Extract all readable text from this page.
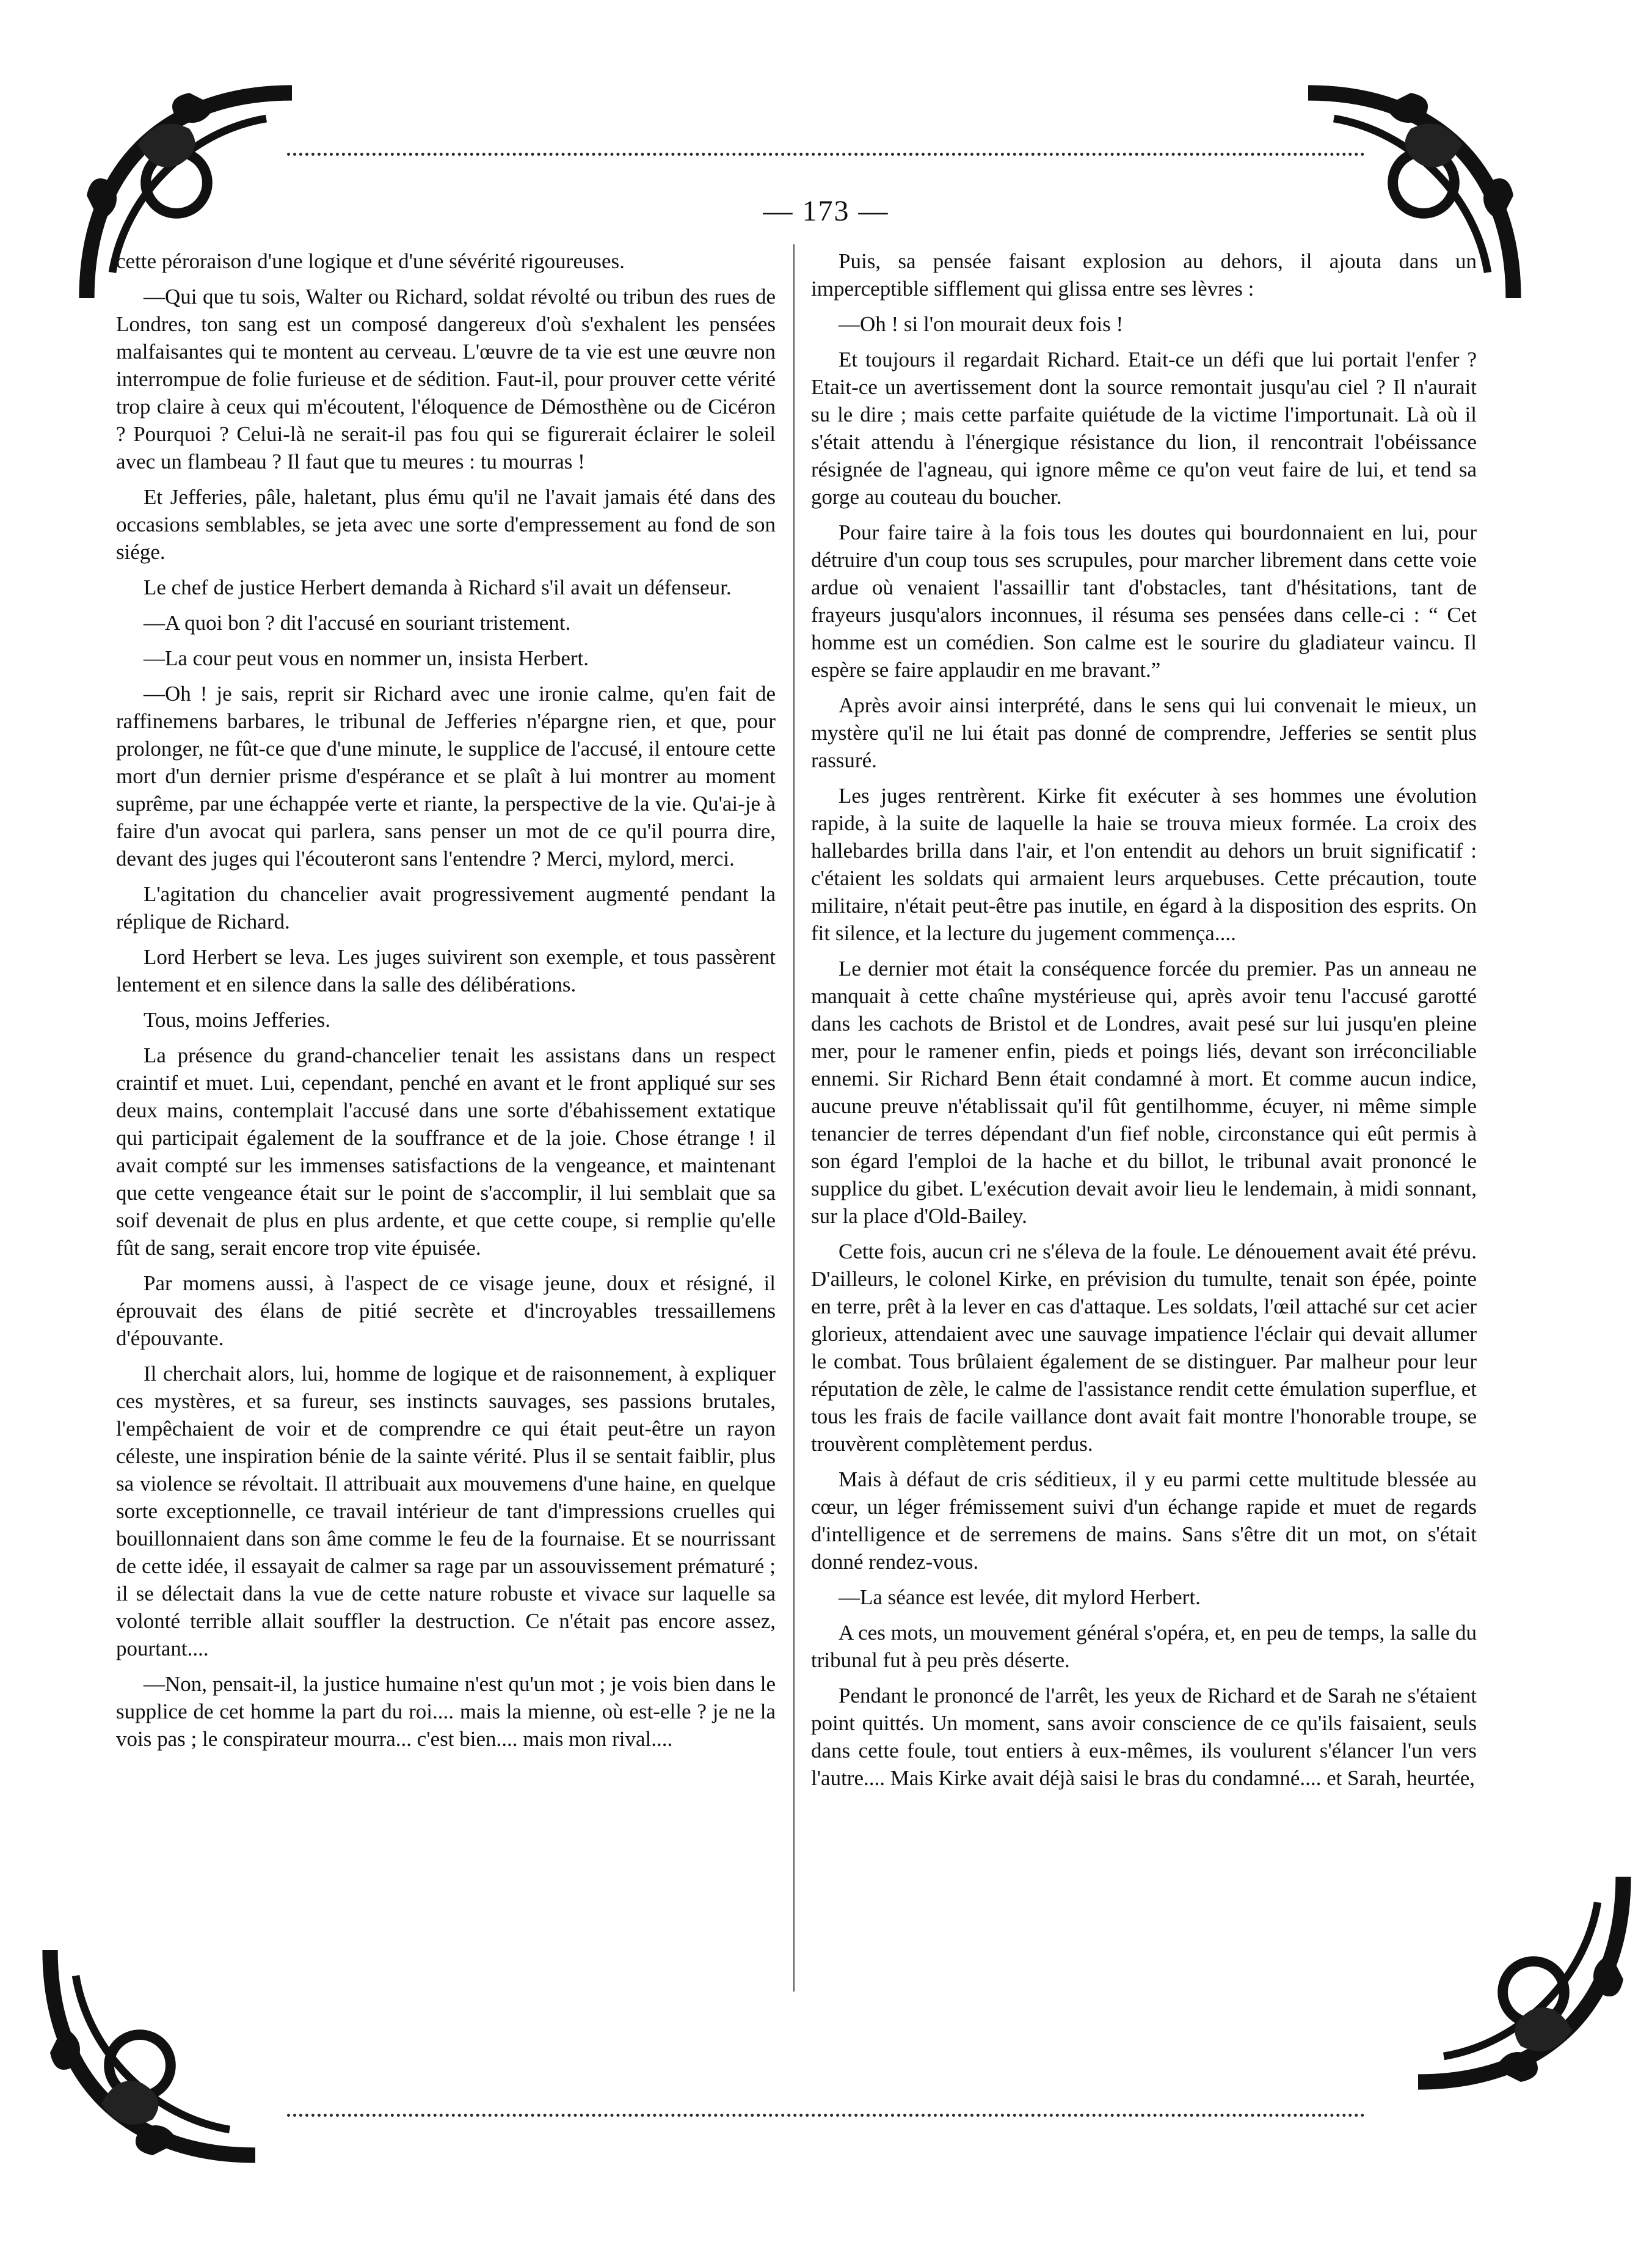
— 173 —

cette péroraison d'une logique et d'une sévérité rigoureuses.

—Qui que tu sois, Walter ou Richard, soldat révolté ou tribun des rues de Londres, ton sang est un composé dangereux d'où s'exhalent les pensées malfaisantes qui te montent au cerveau. L'œuvre de ta vie est une œuvre non interrompue de folie furieuse et de sédition. Faut-il, pour prouver cette vérité trop claire à ceux qui m'écoutent, l'éloquence de Démosthène ou de Cicéron ? Pourquoi ? Celui-là ne serait-il pas fou qui se figurerait éclairer le soleil avec un flambeau ? Il faut que tu meures : tu mourras !

Et Jefferies, pâle, haletant, plus ému qu'il ne l'avait jamais été dans des occasions semblables, se jeta avec une sorte d'empressement au fond de son siége.

Le chef de justice Herbert demanda à Richard s'il avait un défenseur.

—A quoi bon ? dit l'accusé en souriant tristement.

—La cour peut vous en nommer un, insista Herbert.

—Oh ! je sais, reprit sir Richard avec une ironie calme, qu'en fait de raffinemens barbares, le tribunal de Jefferies n'épargne rien, et que, pour prolonger, ne fût-ce que d'une minute, le supplice de l'accusé, il entoure cette mort d'un dernier prisme d'espérance et se plaît à lui montrer au moment suprême, par une échappée verte et riante, la perspective de la vie. Qu'ai-je à faire d'un avocat qui parlera, sans penser un mot de ce qu'il pourra dire, devant des juges qui l'écouteront sans l'entendre ? Merci, mylord, merci.

L'agitation du chancelier avait progressivement augmenté pendant la réplique de Richard.

Lord Herbert se leva. Les juges suivirent son exemple, et tous passèrent lentement et en silence dans la salle des délibérations.

Tous, moins Jefferies.

La présence du grand-chancelier tenait les assistans dans un respect craintif et muet. Lui, cependant, penché en avant et le front appliqué sur ses deux mains, contemplait l'accusé dans une sorte d'ébahissement extatique qui participait également de la souffrance et de la joie. Chose étrange ! il avait compté sur les immenses satisfactions de la vengeance, et maintenant que cette vengeance était sur le point de s'accomplir, il lui semblait que sa soif devenait de plus en plus ardente, et que cette coupe, si remplie qu'elle fût de sang, serait encore trop vite épuisée.

Par momens aussi, à l'aspect de ce visage jeune, doux et résigné, il éprouvait des élans de pitié secrète et d'incroyables tressaillemens d'épouvante.

Il cherchait alors, lui, homme de logique et de raisonnement, à expliquer ces mystères, et sa fureur, ses instincts sauvages, ses passions brutales, l'empêchaient de voir et de comprendre ce qui était peut-être un rayon céleste, une inspiration bénie de la sainte vérité. Plus il se sentait faiblir, plus sa violence se révoltait. Il attribuait aux mouvemens d'une haine, en quelque sorte exceptionnelle, ce travail intérieur de tant d'impressions cruelles qui bouillonnaient dans son âme comme le feu de la fournaise. Et se nourrissant de cette idée, il essayait de calmer sa rage par un assouvissement prématuré ; il se délectait dans la vue de cette nature robuste et vivace sur laquelle sa volonté terrible allait souffler la destruction. Ce n'était pas encore assez, pourtant....

—Non, pensait-il, la justice humaine n'est qu'un mot ; je vois bien dans le supplice de cet homme la part du roi.... mais la mienne, où est-elle ? je ne la vois pas ; le conspirateur mourra... c'est bien.... mais mon rival....

Puis, sa pensée faisant explosion au dehors, il ajouta dans un imperceptible sifflement qui glissa entre ses lèvres :

—Oh ! si l'on mourait deux fois !

Et toujours il regardait Richard. Etait-ce un défi que lui portait l'enfer ? Etait-ce un avertissement dont la source remontait jusqu'au ciel ? Il n'aurait su le dire ; mais cette parfaite quiétude de la victime l'importunait. Là où il s'était attendu à l'énergique résistance du lion, il rencontrait l'obéissance résignée de l'agneau, qui ignore même ce qu'on veut faire de lui, et tend sa gorge au couteau du boucher.

Pour faire taire à la fois tous les doutes qui bourdonnaient en lui, pour détruire d'un coup tous ses scrupules, pour marcher librement dans cette voie ardue où venaient l'assaillir tant d'obstacles, tant d'hésitations, tant de frayeurs jusqu'alors inconnues, il résuma ses pensées dans celle-ci : “ Cet homme est un comédien. Son calme est le sourire du gladiateur vaincu. Il espère se faire applaudir en me bravant.”

Après avoir ainsi interprété, dans le sens qui lui convenait le mieux, un mystère qu'il ne lui était pas donné de comprendre, Jefferies se sentit plus rassuré.

Les juges rentrèrent. Kirke fit exécuter à ses hommes une évolution rapide, à la suite de laquelle la haie se trouva mieux formée. La croix des hallebardes brilla dans l'air, et l'on entendit au dehors un bruit significatif : c'étaient les soldats qui armaient leurs arquebuses. Cette précaution, toute militaire, n'était peut-être pas inutile, en égard à la disposition des esprits. On fit silence, et la lecture du jugement commença....

Le dernier mot était la conséquence forcée du premier. Pas un anneau ne manquait à cette chaîne mystérieuse qui, après avoir tenu l'accusé garotté dans les cachots de Bristol et de Londres, avait pesé sur lui jusqu'en pleine mer, pour le ramener enfin, pieds et poings liés, devant son irréconciliable ennemi. Sir Richard Benn était condamné à mort. Et comme aucun indice, aucune preuve n'établissait qu'il fût gentilhomme, écuyer, ni même simple tenancier de terres dépendant d'un fief noble, circonstance qui eût permis à son égard l'emploi de la hache et du billot, le tribunal avait prononcé le supplice du gibet. L'exécution devait avoir lieu le lendemain, à midi sonnant, sur la place d'Old-Bailey.

Cette fois, aucun cri ne s'éleva de la foule. Le dénouement avait été prévu. D'ailleurs, le colonel Kirke, en prévision du tumulte, tenait son épée, pointe en terre, prêt à la lever en cas d'attaque. Les soldats, l'œil attaché sur cet acier glorieux, attendaient avec une sauvage impatience l'éclair qui devait allumer le combat. Tous brûlaient également de se distinguer. Par malheur pour leur réputation de zèle, le calme de l'assistance rendit cette émulation superflue, et tous les frais de facile vaillance dont avait fait montre l'honorable troupe, se trouvèrent complètement perdus.

Mais à défaut de cris séditieux, il y eu parmi cette multitude blessée au cœur, un léger frémissement suivi d'un échange rapide et muet de regards d'intelligence et de serremens de mains. Sans s'être dit un mot, on s'était donné rendez-vous.

—La séance est levée, dit mylord Herbert.

A ces mots, un mouvement général s'opéra, et, en peu de temps, la salle du tribunal fut à peu près déserte.

Pendant le prononcé de l'arrêt, les yeux de Richard et de Sarah ne s'étaient point quittés. Un moment, sans avoir conscience de ce qu'ils faisaient, seuls dans cette foule, tout entiers à eux-mêmes, ils voulurent s'élancer l'un vers l'autre.... Mais Kirke avait déjà saisi le bras du condamné.... et Sarah, heurtée,
